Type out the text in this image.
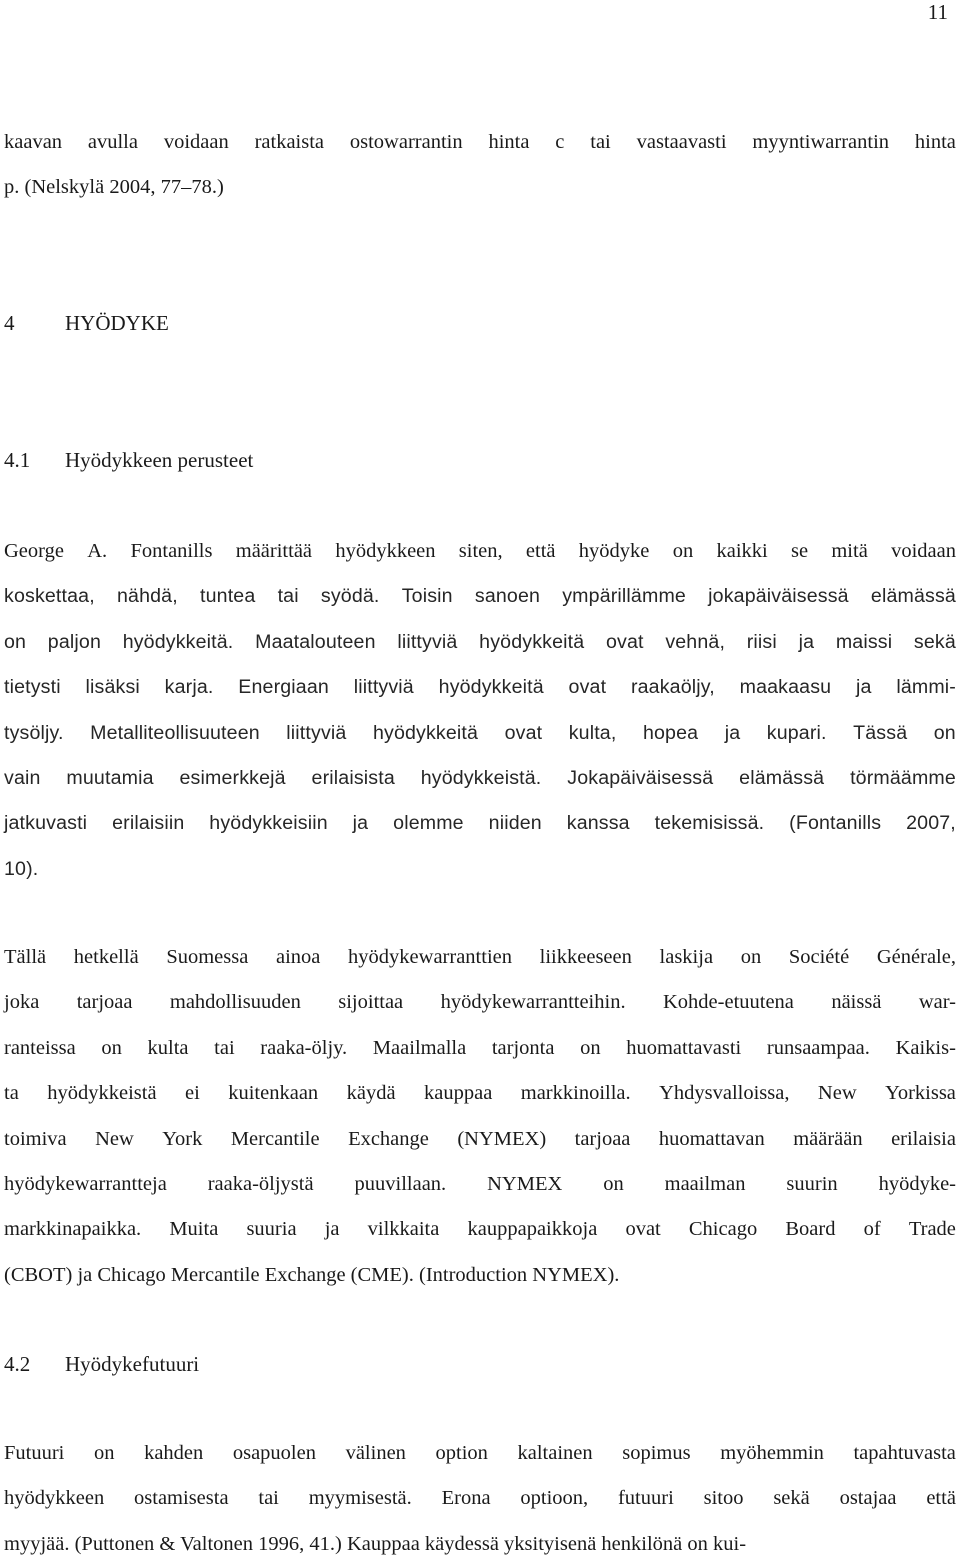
11
kaavan avulla voidaan ratkaista ostowarrantin hinta c tai vastaavasti myyntiwarrantin hinta
p. (Nelskylä 2004, 77–78.)
4 HYÖDYKE
4.1 Hyödykkeen perusteet
George A. Fontanills määrittää hyödykkeen siten, että hyödyke on kaikki se mitä voidaan
koskettaa, nähdä, tuntea tai syödä. Toisin sanoen ympärillämme jokapäiväisessä elämässä
on paljon hyödykkeitä. Maatalouteen liittyviä hyödykkeitä ovat vehnä, riisi ja maissi sekä
tietysti lisäksi karja. Energiaan liittyviä hyödykkeitä ovat raakaöljy, maakaasu ja lämmi-
tysöljy. Metalliteollisuuteen liittyviä hyödykkeitä ovat kulta, hopea ja kupari. Tässä on
vain muutamia esimerkkejä erilaisista hyödykkeistä. Jokapäiväisessä elämässä törmäämme
jatkuvasti erilaisiin hyödykkeisiin ja olemme niiden kanssa tekemisissä. (Fontanills 2007,
10).
Tällä hetkellä Suomessa ainoa hyödykewarranttien liikkeeseen laskija on Société Générale,
joka tarjoaa mahdollisuuden sijoittaa hyödykewarrantteihin. Kohde-etuutena näissä war-
ranteissa on kulta tai raaka-öljy. Maailmalla tarjonta on huomattavasti runsaampaa. Kaikis-
ta hyödykkeistä ei kuitenkaan käydä kauppaa markkinoilla. Yhdysvalloissa, New Yorkissa
toimiva New York Mercantile Exchange (NYMEX) tarjoaa huomattavan määrään erilaisia
hyödykewarrantteja raaka-öljystä puuvillaan. NYMEX on maailman suurin hyödyke-
markkinapaikka. Muita suuria ja vilkkaita kauppapaikkoja ovat Chicago Board of Trade
(CBOT) ja Chicago Mercantile Exchange (CME). (Introduction NYMEX).
4.2 Hyödykefutuuri
Futuuri on kahden osapuolen välinen option kaltainen sopimus myöhemmin tapahtuvasta
hyödykkeen ostamisesta tai myymisestä. Erona optioon, futuuri sitoo sekä ostajaa että
myyjää. (Puttonen & Valtonen 1996, 41.) Kauppaa käydessä yksityisenä henkilönä on kui-
